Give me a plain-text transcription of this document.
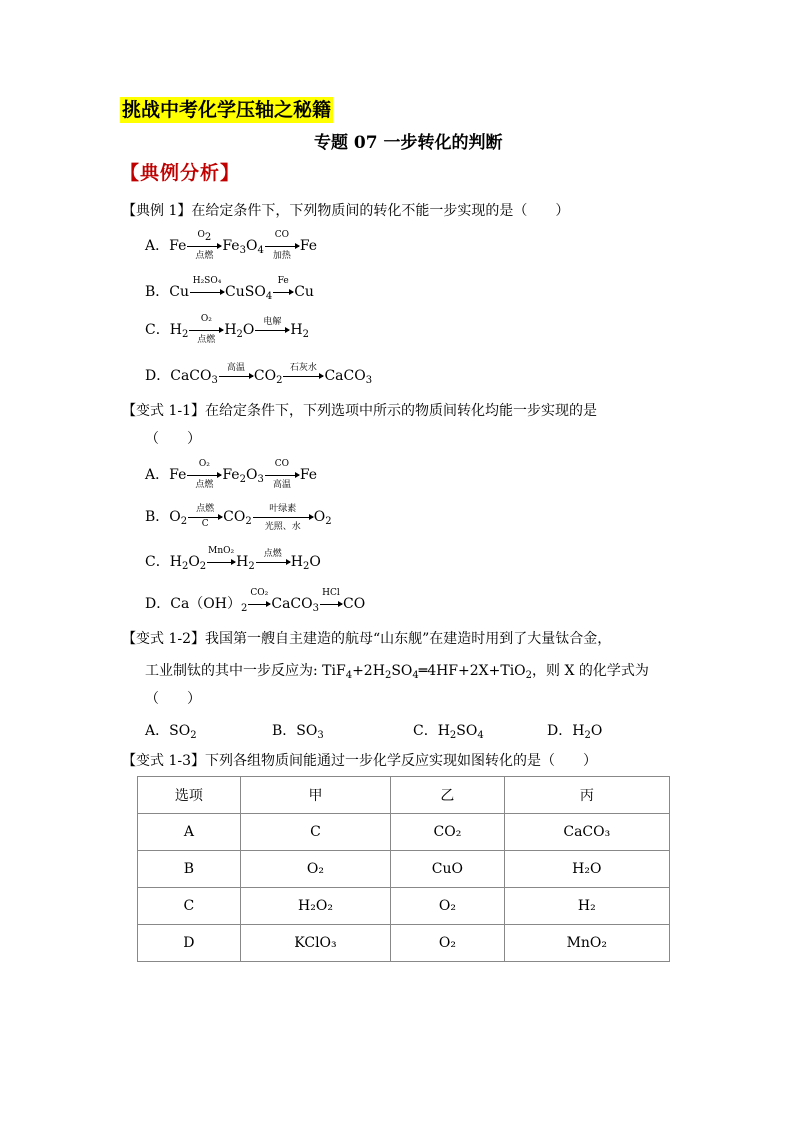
挑战中考化学压轴之秘籍
专题 07 一步转化的判断
【典例分析】
【典例 1】在给定条件下，下列物质间的转化不能一步实现的是（　　）
A．Fe
$O_2$
点燃
$Fe_3O_4$
CO
加热
Fe
B．Cu
H₂SO₄
CuSO$_4$
Fe
Cu
C．$H_2$
O₂
点燃
$H_2O$ 电解 $H_2$
D．CaCO$_3$
高温 $CO_2$
石灰水 CaCO$_3$
【变式 1-1】在给定条件下，下列选项中所示的物质间转化均能一步实现的是
（　　）
A．Fe
O₂
点燃
$Fe_2O_3$
CO
高温
Fe
B．$O_2$
点燃
C	$CO_2$
叶绿素
光照、水
$O_2$
C．$H_2O_2$
MnO₂
$H_2$
点燃 $H_2O$
D．$Ca(OH)_2$
CO₂
CaCO$_3$
HCl
CO
【变式 1-2】我国第一艘自主建造的航母“山东舰”在建造时用到了大量钛合金，
工业制钛的其中一步反应为: $TiF_4+2H_2SO_4═4HF+2X+TiO_2$，则 X 的化学式为
（　　）
A．$SO_2$	B．$SO_3$	C．$H_2SO_4$	D．$H_2O$
【变式 1-3】下列各组物质间能通过一步化学反应实现如图转化的是（　　）
选项	甲	乙	丙
A	C	CO₂	CaCO₃
B	O₂	CuO	H₂O
C	H₂O₂	O₂	H₂
D	KClO₃	O₂	MnO₂
